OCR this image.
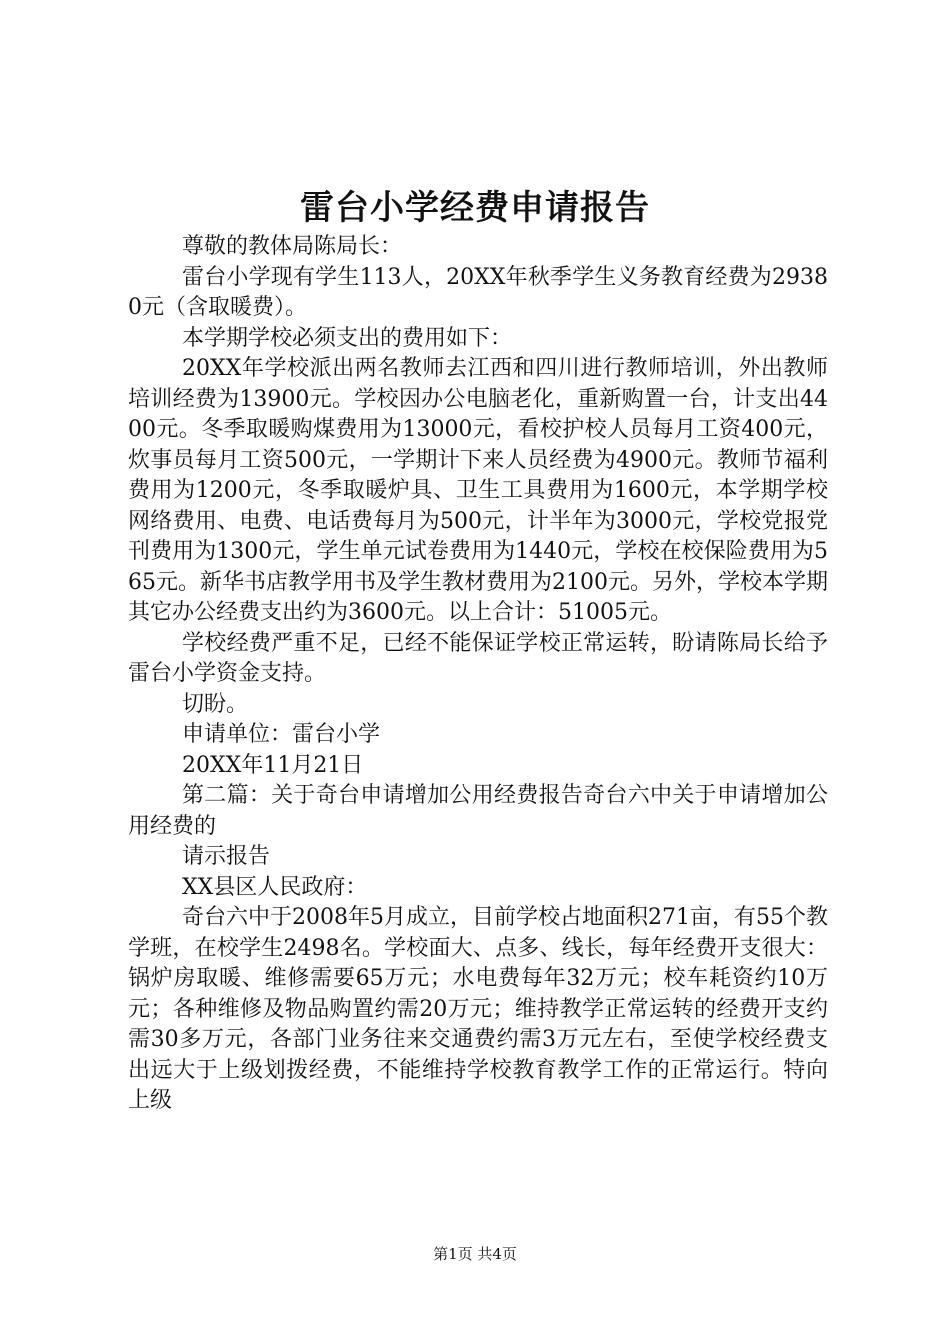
雷台小学经费申请报告

尊敬的教体局陈局长：

雷台小学现有学生113人，20XX年秋季学生义务教育经费为29380元（含取暖费）。

本学期学校必须支出的费用如下：

20XX年学校派出两名教师去江西和四川进行教师培训，外出教师培训经费为13900元。学校因办公电脑老化，重新购置一台，计支出4400元。冬季取暖购煤费用为13000元，看校护校人员每月工资400元，炊事员每月工资500元，一学期计下来人员经费为4900元。教师节福利费用为1200元，冬季取暖炉具、卫生工具费用为1600元，本学期学校网络费用、电费、电话费每月为500元，计半年为3000元，学校党报党刊费用为1300元，学生单元试卷费用为1440元，学校在校保险费用为565元。新华书店教学用书及学生教材费用为2100元。另外，学校本学期其它办公经费支出约为3600元。以上合计：51005元。

学校经费严重不足，已经不能保证学校正常运转，盼请陈局长给予雷台小学资金支持。

切盼。

申请单位：雷台小学

20XX年11月21日

第二篇：关于奇台申请增加公用经费报告奇台六中关于申请增加公用经费的

请示报告

XX县区人民政府：

奇台六中于2008年5月成立，目前学校占地面积271亩，有55个教学班，在校学生2498名。学校面大、点多、线长，每年经费开支很大：锅炉房取暖、维修需要65万元；水电费每年32万元；校车耗资约10万元；各种维修及物品购置约需20万元；维持教学正常运转的经费开支约需30多万元，各部门业务往来交通费约需3万元左右，至使学校经费支出远大于上级划拨经费，不能维持学校教育教学工作的正常运行。特向上级

第1页 共4页
